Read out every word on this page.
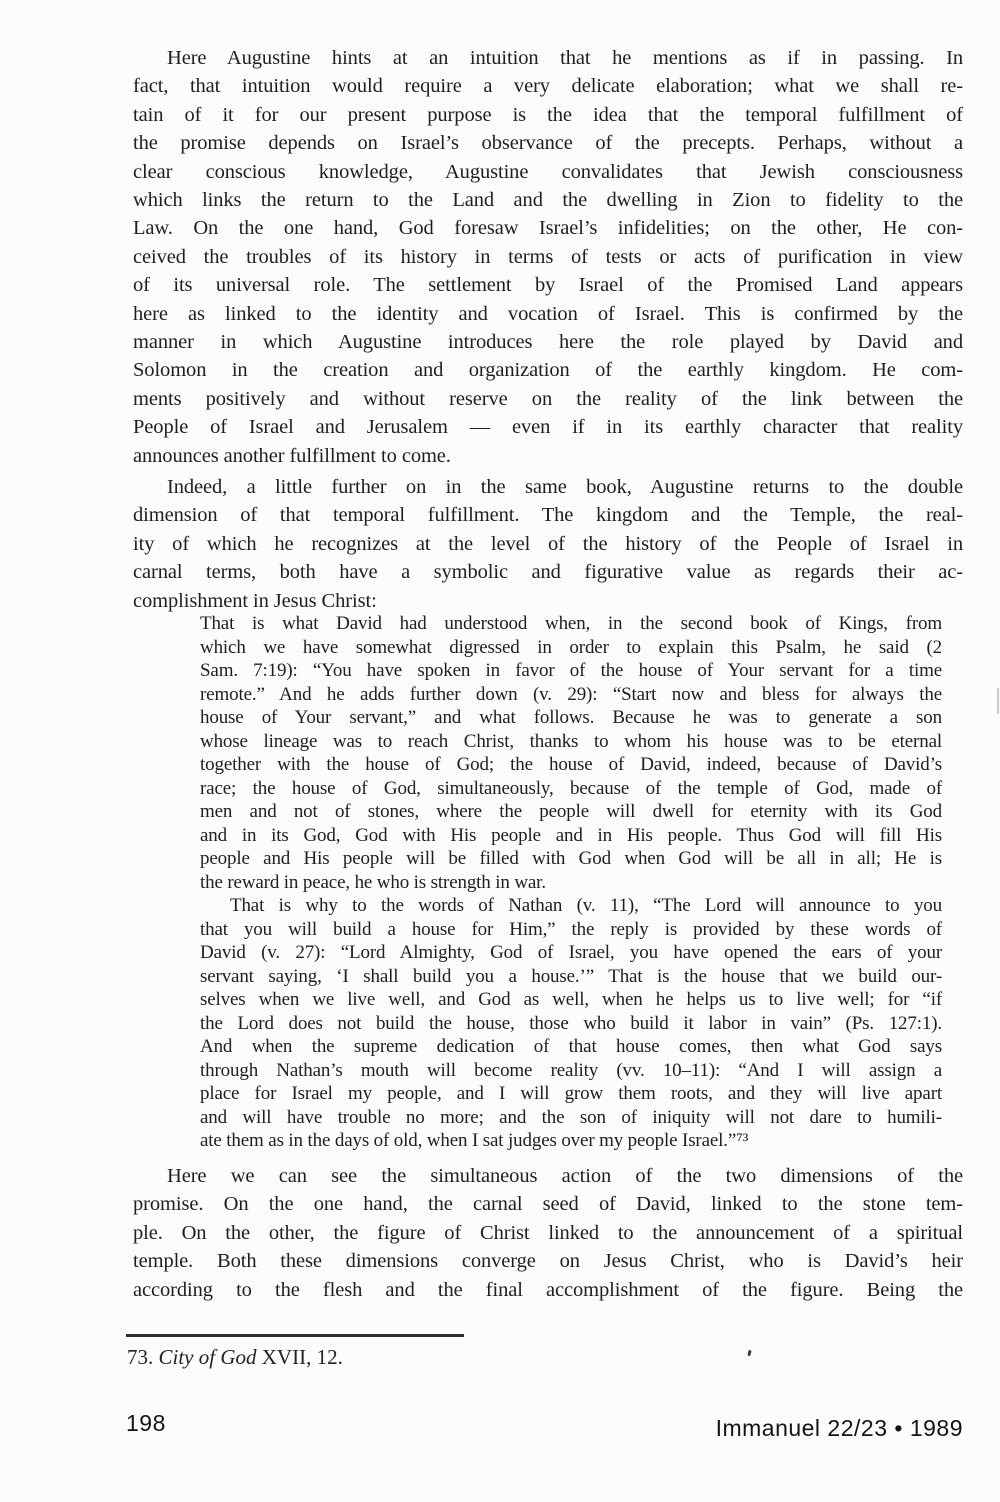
Here Augustine hints at an intuition that he mentions as if in passing. In
fact, that intuition would require a very delicate elaboration; what we shall re-
tain of it for our present purpose is the idea that the temporal fulfillment of
the promise depends on Israel’s observance of the precepts. Perhaps, without a
clear conscious knowledge, Augustine convalidates that Jewish consciousness
which links the return to the Land and the dwelling in Zion to fidelity to the
Law. On the one hand, God foresaw Israel’s infidelities; on the other, He con-
ceived the troubles of its history in terms of tests or acts of purification in view
of its universal role. The settlement by Israel of the Promised Land appears
here as linked to the identity and vocation of Israel. This is confirmed by the
manner in which Augustine introduces here the role played by David and
Solomon in the creation and organization of the earthly kingdom. He com-
ments positively and without reserve on the reality of the link between the
People of Israel and Jerusalem — even if in its earthly character that reality
announces another fulfillment to come.
Indeed, a little further on in the same book, Augustine returns to the double
dimension of that temporal fulfillment. The kingdom and the Temple, the real-
ity of which he recognizes at the level of the history of the People of Israel in
carnal terms, both have a symbolic and figurative value as regards their ac-
complishment in Jesus Christ:
That is what David had understood when, in the second book of Kings, from
which we have somewhat digressed in order to explain this Psalm, he said (2
Sam. 7:19): “You have spoken in favor of the house of Your servant for a time
remote.” And he adds further down (v. 29): “Start now and bless for always the
house of Your servant,” and what follows. Because he was to generate a son
whose lineage was to reach Christ, thanks to whom his house was to be eternal
together with the house of God; the house of David, indeed, because of David’s
race; the house of God, simultaneously, because of the temple of God, made of
men and not of stones, where the people will dwell for eternity with its God
and in its God, God with His people and in His people. Thus God will fill His
people and His people will be filled with God when God will be all in all; He is
the reward in peace, he who is strength in war.
That is why to the words of Nathan (v. 11), “The Lord will announce to you
that you will build a house for Him,” the reply is provided by these words of
David (v. 27): “Lord Almighty, God of Israel, you have opened the ears of your
servant saying, ‘I shall build you a house.’” That is the house that we build our-
selves when we live well, and God as well, when he helps us to live well; for “if
the Lord does not build the house, those who build it labor in vain” (Ps. 127:1).
And when the supreme dedication of that house comes, then what God says
through Nathan’s mouth will become reality (vv. 10–11): “And I will assign a
place for Israel my people, and I will grow them roots, and they will live apart
and will have trouble no more; and the son of iniquity will not dare to humili-
ate them as in the days of old, when I sat judges over my people Israel.”⁷³
Here we can see the simultaneous action of the two dimensions of the
promise. On the one hand, the carnal seed of David, linked to the stone tem-
ple. On the other, the figure of Christ linked to the announcement of a spiritual
temple. Both these dimensions converge on Jesus Christ, who is David’s heir
according to the flesh and the final accomplishment of the figure. Being the
73. City of God XVII, 12.
198	Immanuel 22/23 • 1989
